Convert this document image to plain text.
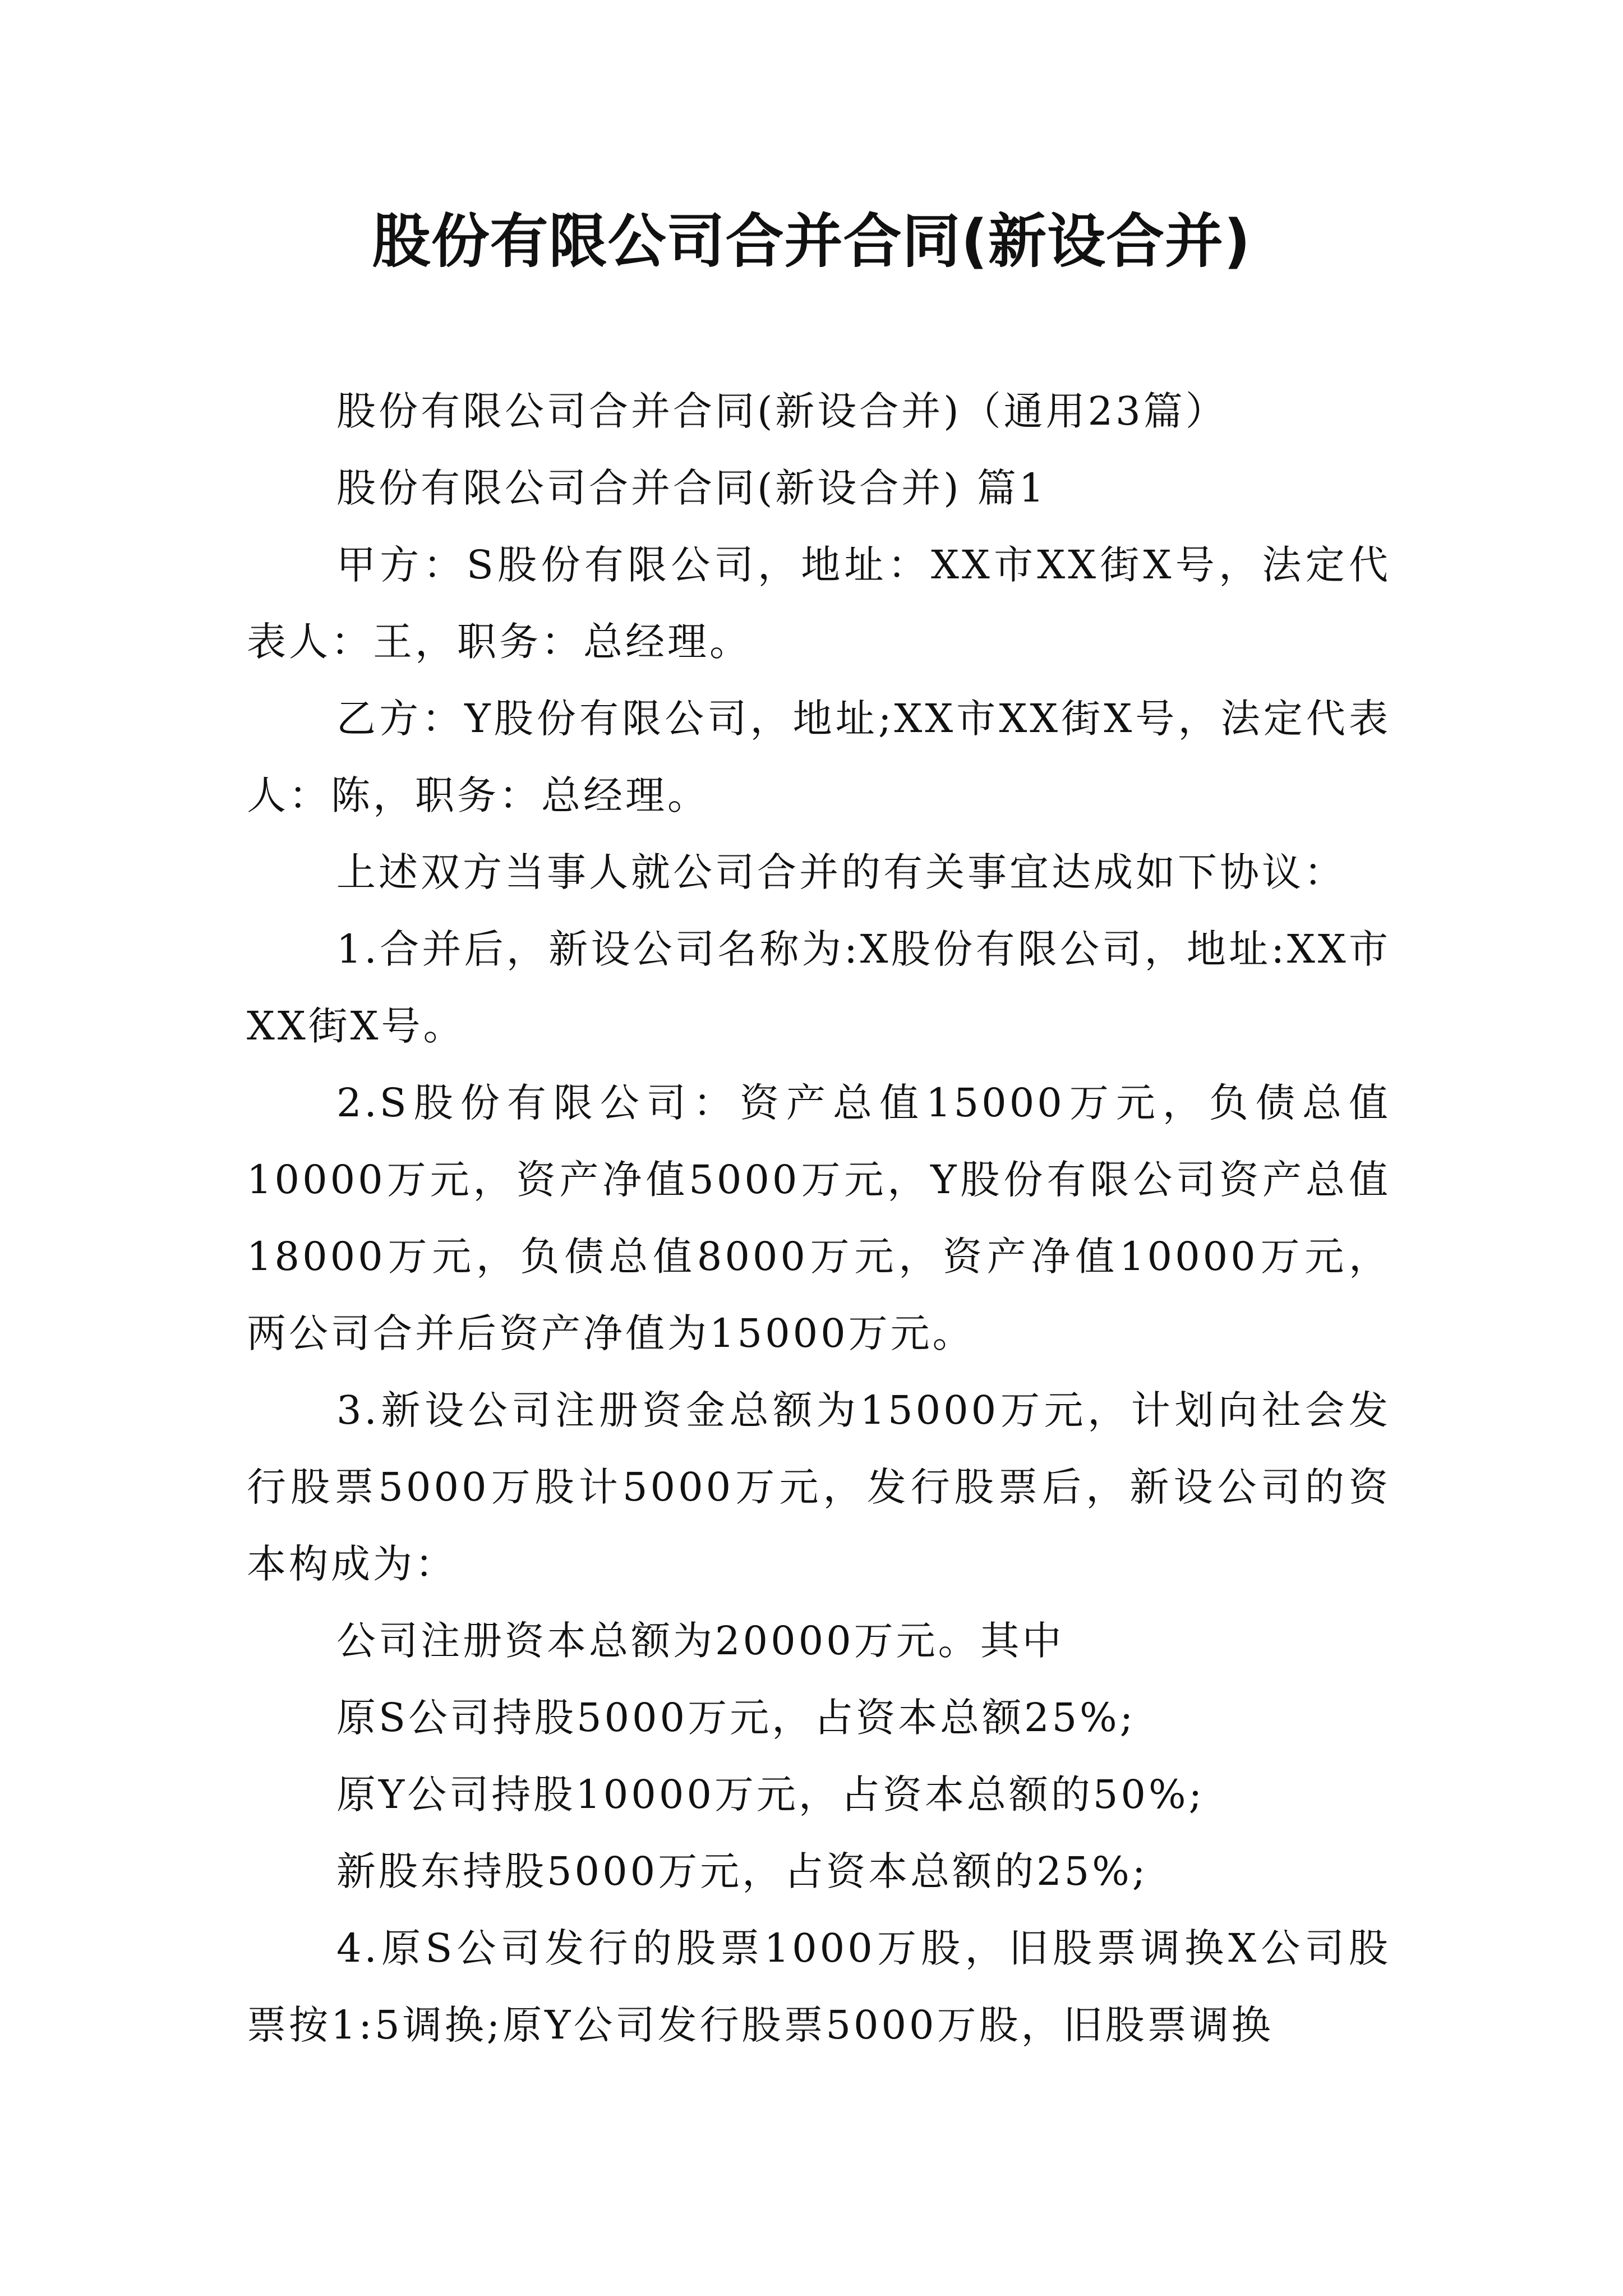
股份有限公司合并合同(新设合并)

股份有限公司合并合同(新设合并)（通用23篇）

股份有限公司合并合同(新设合并) 篇1

甲方：S股份有限公司，地址：XX市XX街X号，法定代表人：王，职务：总经理。

乙方：Y股份有限公司，地址;XX市XX街X号，法定代表人：陈，职务：总经理。

上述双方当事人就公司合并的有关事宜达成如下协议：

1.合并后，新设公司名称为:X股份有限公司，地址:XX市XX街X号。

2.S股份有限公司：资产总值15000万元，负债总值10000万元，资产净值5000万元，Y股份有限公司资产总值18000万元，负债总值8000万元，资产净值10000万元，两公司合并后资产净值为15000万元。

3.新设公司注册资金总额为15000万元，计划向社会发行股票5000万股计5000万元，发行股票后，新设公司的资本构成为：

公司注册资本总额为20000万元。其中

原S公司持股5000万元，占资本总额25%;

原Y公司持股10000万元，占资本总额的50%;

新股东持股5000万元，占资本总额的25%;

4.原S公司发行的股票1000万股，旧股票调换X公司股票按1:5调换;原Y公司发行股票5000万股，旧股票调换
